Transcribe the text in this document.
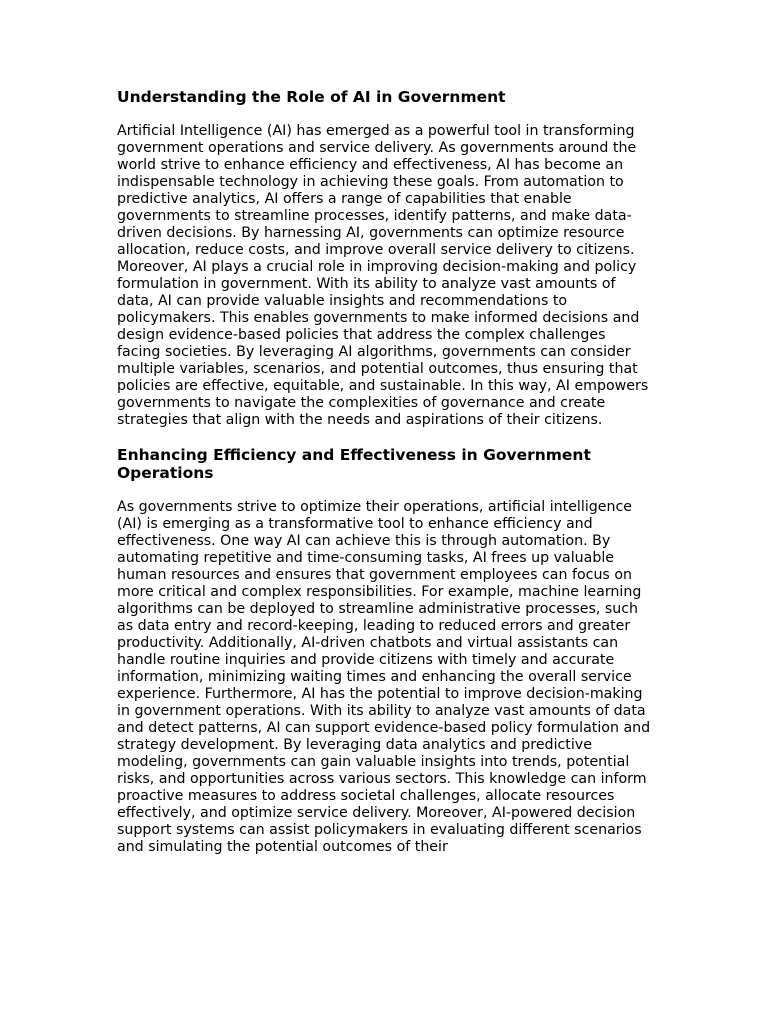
Understanding the Role of AI in Government

Artificial Intelligence (AI) has emerged as a powerful tool in transforming government operations and service delivery. As governments around the world strive to enhance efficiency and effectiveness, AI has become an indispensable technology in achieving these goals. From automation to predictive analytics, AI offers a range of capabilities that enable governments to streamline processes, identify patterns, and make data-driven decisions. By harnessing AI, governments can optimize resource allocation, reduce costs, and improve overall service delivery to citizens. Moreover, AI plays a crucial role in improving decision-making and policy formulation in government. With its ability to analyze vast amounts of data, AI can provide valuable insights and recommendations to policymakers. This enables governments to make informed decisions and design evidence-based policies that address the complex challenges facing societies. By leveraging AI algorithms, governments can consider multiple variables, scenarios, and potential outcomes, thus ensuring that policies are effective, equitable, and sustainable. In this way, AI empowers governments to navigate the complexities of governance and create strategies that align with the needs and aspirations of their citizens.

Enhancing Efficiency and Effectiveness in Government Operations

As governments strive to optimize their operations, artificial intelligence (AI) is emerging as a transformative tool to enhance efficiency and effectiveness. One way AI can achieve this is through automation. By automating repetitive and time-consuming tasks, AI frees up valuable human resources and ensures that government employees can focus on more critical and complex responsibilities. For example, machine learning algorithms can be deployed to streamline administrative processes, such as data entry and record-keeping, leading to reduced errors and greater productivity. Additionally, AI-driven chatbots and virtual assistants can handle routine inquiries and provide citizens with timely and accurate information, minimizing waiting times and enhancing the overall service experience. Furthermore, AI has the potential to improve decision-making in government operations. With its ability to analyze vast amounts of data and detect patterns, AI can support evidence-based policy formulation and strategy development. By leveraging data analytics and predictive modeling, governments can gain valuable insights into trends, potential risks, and opportunities across various sectors. This knowledge can inform proactive measures to address societal challenges, allocate resources effectively, and optimize service delivery. Moreover, AI-powered decision support systems can assist policymakers in evaluating different scenarios and simulating the potential outcomes of their
